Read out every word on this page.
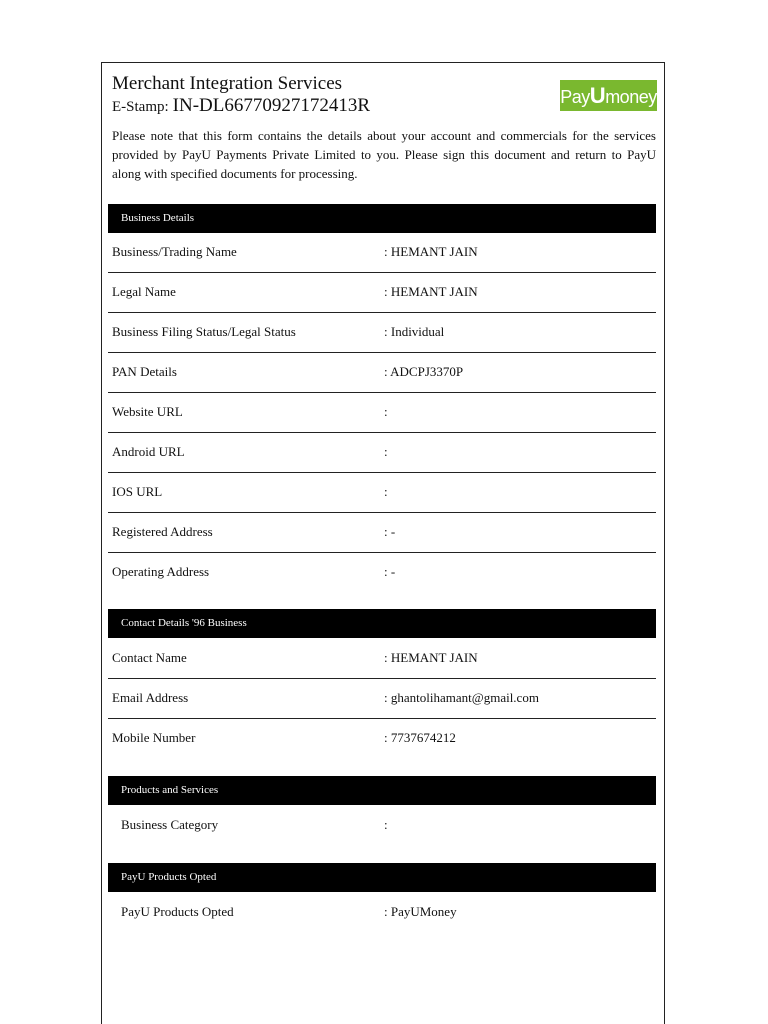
Merchant Integration Services
E-Stamp: IN-DL66770927172413R	PayUmoney
Please note that this form contains the details about your account and commercials for the services provided by PayU Payments Private Limited to you. Please sign this document and return to PayU along with specified documents for processing.
Business Details
Business/Trading Name	: HEMANT JAIN
Legal Name	: HEMANT JAIN
Business Filing Status/Legal Status	: Individual
PAN Details	: ADCPJ3370P
Website URL	:
Android URL	:
IOS URL	:
Registered Address	: -
Operating Address	: -
Contact Details '96 Business
Contact Name	: HEMANT JAIN
Email Address	: ghantolihamant@gmail.com
Mobile Number	: 7737674212
Products and Services
Business Category	:
PayU Products Opted
PayU Products Opted	: PayUMoney
